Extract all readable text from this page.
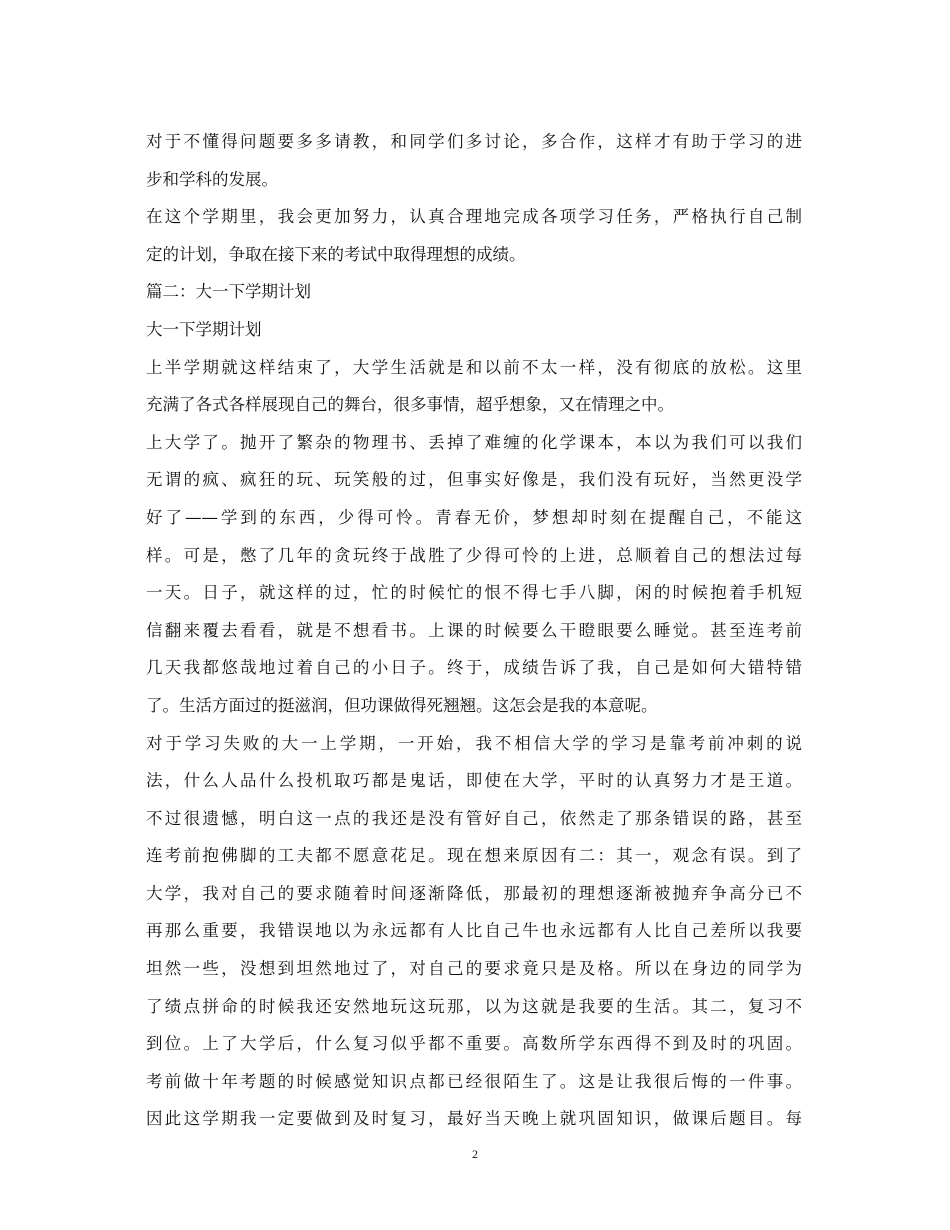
对于不懂得问题要多多请教，和同学们多讨论，多合作，这样才有助于学习的进
步和学科的发展。
在这个学期里，我会更加努力，认真合理地完成各项学习任务，严格执行自己制
定的计划，争取在接下来的考试中取得理想的成绩。
篇二：大一下学期计划
大一下学期计划
上半学期就这样结束了，大学生活就是和以前不太一样，没有彻底的放松。这里
充满了各式各样展现自己的舞台，很多事情，超乎想象，又在情理之中。
上大学了。抛开了繁杂的物理书、丢掉了难缠的化学课本，本以为我们可以我们
无谓的疯、疯狂的玩、玩笑般的过，但事实好像是，我们没有玩好，当然更没学
好了——学到的东西，少得可怜。青春无价，梦想却时刻在提醒自己，不能这
样。可是，憋了几年的贪玩终于战胜了少得可怜的上进，总顺着自己的想法过每
一天。日子，就这样的过，忙的时候忙的恨不得七手八脚，闲的时候抱着手机短
信翻来覆去看看，就是不想看书。上课的时候要么干瞪眼要么睡觉。甚至连考前
几天我都悠哉地过着自己的小日子。终于，成绩告诉了我，自己是如何大错特错
了。生活方面过的挺滋润，但功课做得死翘翘。这怎会是我的本意呢。
对于学习失败的大一上学期，一开始，我不相信大学的学习是靠考前冲刺的说
法，什么人品什么投机取巧都是鬼话，即使在大学，平时的认真努力才是王道。
不过很遗憾，明白这一点的我还是没有管好自己，依然走了那条错误的路，甚至
连考前抱佛脚的工夫都不愿意花足。现在想来原因有二：其一，观念有误。到了
大学，我对自己的要求随着时间逐渐降低，那最初的理想逐渐被抛弃争高分已不
再那么重要，我错误地以为永远都有人比自己牛也永远都有人比自己差所以我要
坦然一些，没想到坦然地过了，对自己的要求竟只是及格。所以在身边的同学为
了绩点拼命的时候我还安然地玩这玩那，以为这就是我要的生活。其二，复习不
到位。上了大学后，什么复习似乎都不重要。高数所学东西得不到及时的巩固。
考前做十年考题的时候感觉知识点都已经很陌生了。这是让我很后悔的一件事。
因此这学期我一定要做到及时复习，最好当天晚上就巩固知识，做课后题目。每
2
